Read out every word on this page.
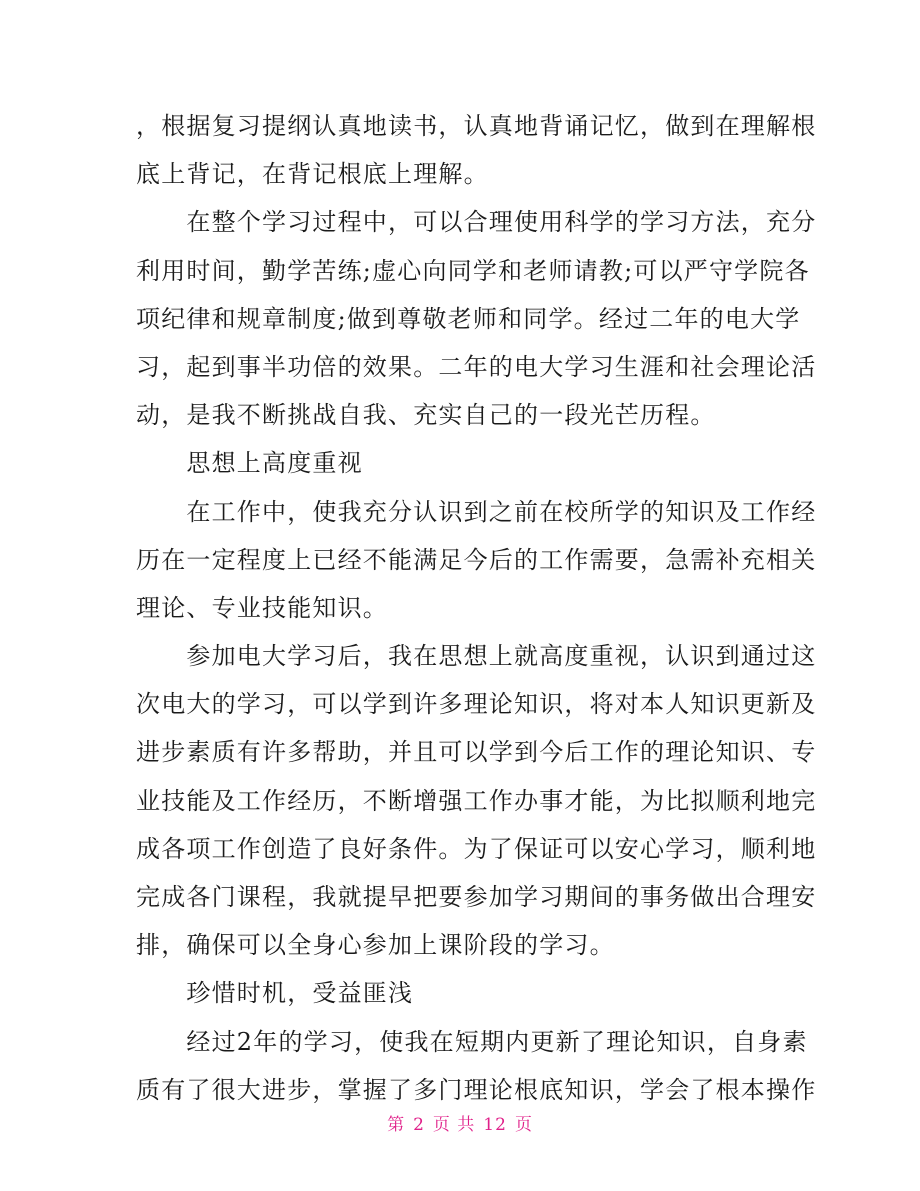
，根据复习提纲认真地读书，认真地背诵记忆，做到在理解根
底上背记，在背记根底上理解。
　　在整个学习过程中，可以合理使用科学的学习方法，充分
利用时间，勤学苦练;虚心向同学和老师请教;可以严守学院各
项纪律和规章制度;做到尊敬老师和同学。经过二年的电大学
习，起到事半功倍的效果。二年的电大学习生涯和社会理论活
动，是我不断挑战自我、充实自己的一段光芒历程。
　　思想上高度重视
　　在工作中，使我充分认识到之前在校所学的知识及工作经
历在一定程度上已经不能满足今后的工作需要，急需补充相关
理论、专业技能知识。
　　参加电大学习后，我在思想上就高度重视，认识到通过这
次电大的学习，可以学到许多理论知识，将对本人知识更新及
进步素质有许多帮助，并且可以学到今后工作的理论知识、专
业技能及工作经历，不断增强工作办事才能，为比拟顺利地完
成各项工作创造了良好条件。为了保证可以安心学习，顺利地
完成各门课程，我就提早把要参加学习期间的事务做出合理安
排，确保可以全身心参加上课阶段的学习。
　　珍惜时机，受益匪浅
　　经过2年的学习，使我在短期内更新了理论知识，自身素
质有了很大进步，掌握了多门理论根底知识，学会了根本操作
第 2 页 共 12 页
